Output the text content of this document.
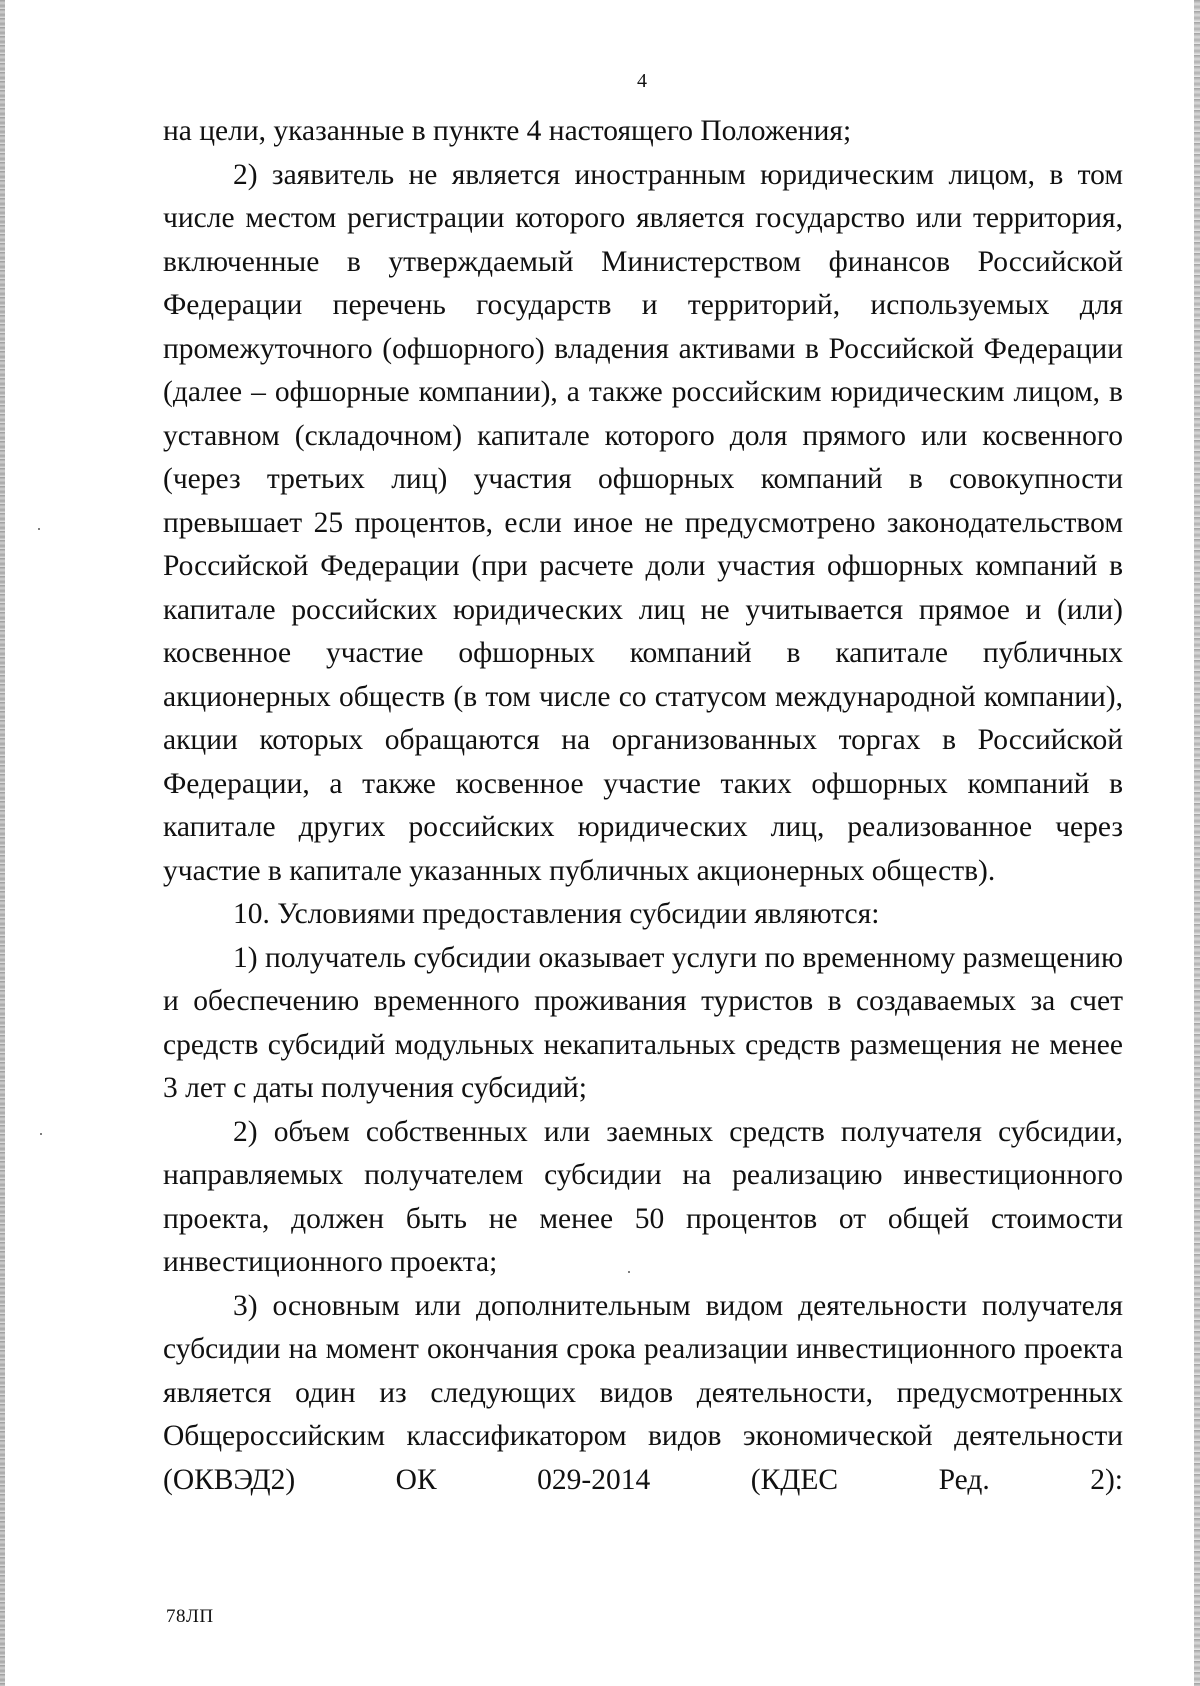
4

на цели, указанные в пункте 4 настоящего Положения;

2) заявитель не является иностранным юридическим лицом, в том числе местом регистрации которого является государство или территория, включенные в утверждаемый Министерством финансов Российской Федерации перечень государств и территорий, используемых для промежуточного (офшорного) владения активами в Российской Федерации (далее – офшорные компании), а также российским юридическим лицом, в уставном (складочном) капитале которого доля прямого или косвенного (через третьих лиц) участия офшорных компаний в совокупности превышает 25 процентов, если иное не предусмотрено законодательством Российской Федерации (при расчете доли участия офшорных компаний в капитале российских юридических лиц не учитывается прямое и (или) косвенное участие офшорных компаний в капитале публичных акционерных обществ (в том числе со статусом международной компании), акции которых обращаются на организованных торгах в Российской Федерации, а также косвенное участие таких офшорных компаний в капитале других российских юридических лиц, реализованное через участие в капитале указанных публичных акционерных обществ).

10. Условиями предоставления субсидии являются:

1) получатель субсидии оказывает услуги по временному размещению и обеспечению временного проживания туристов в создаваемых за счет средств субсидий модульных некапитальных средств размещения не менее 3 лет с даты получения субсидий;

2) объем собственных или заемных средств получателя субсидии, направляемых получателем субсидии на реализацию инвестиционного проекта, должен быть не менее 50 процентов от общей стоимости инвестиционного проекта;

3) основным или дополнительным видом деятельности получателя субсидии на момент окончания срока реализации инвестиционного проекта является один из следующих видов деятельности, предусмотренных Общероссийским классификатором видов экономической деятельности (ОКВЭД2) ОК 029-2014 (КДЕС Ред. 2):

78ЛП
